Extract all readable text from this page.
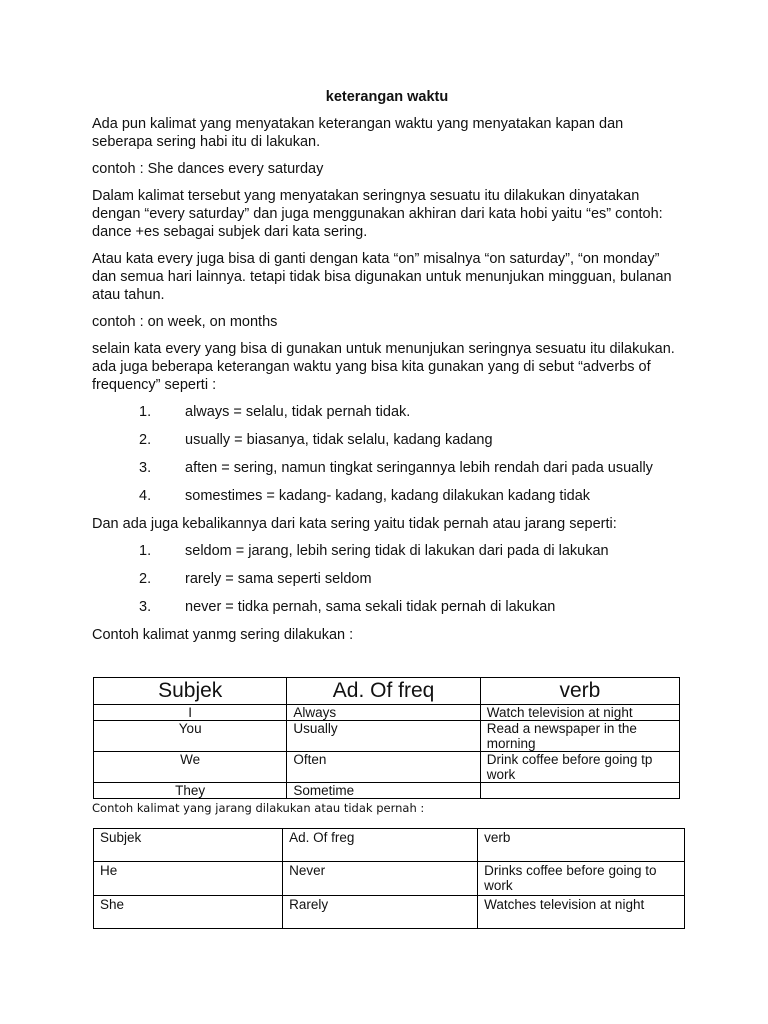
keterangan waktu

Ada pun kalimat yang menyatakan keterangan waktu yang menyatakan kapan dan seberapa sering habi itu di lakukan.

contoh : She dances every saturday

Dalam kalimat tersebut yang menyatakan seringnya sesuatu itu dilakukan dinyatakan dengan “every saturday” dan juga menggunakan akhiran dari kata hobi yaitu “es” contoh: dance +es sebagai subjek dari kata sering.

Atau kata every juga bisa di ganti dengan kata “on” misalnya “on saturday”, “on monday” dan semua hari lainnya. tetapi tidak bisa digunakan untuk menunjukan mingguan, bulanan atau tahun.

contoh : on week, on months

selain kata every yang bisa di gunakan untuk menunjukan seringnya sesuatu itu dilakukan. ada juga beberapa keterangan waktu yang bisa kita gunakan yang di sebut “adverbs of frequency” seperti :

1.	always = selalu, tidak pernah tidak.
2.	usually = biasanya, tidak selalu, kadang kadang
3.	aften = sering, namun tingkat seringannya lebih rendah dari pada usually
4.	somestimes = kadang- kadang, kadang dilakukan kadang tidak

Dan ada juga kebalikannya dari kata sering yaitu tidak pernah atau jarang seperti:

1.	seldom = jarang, lebih sering tidak di lakukan dari pada di lakukan
2.	rarely = sama seperti seldom
3.	never = tidka pernah, sama sekali tidak pernah di lakukan

Contoh kalimat yanmg sering dilakukan :

Subjek	Ad. Of freq	verb
I	Always	Watch television at night
You	Usually	Read a newspaper in the morning
We	Often	Drink coffee before going tp work
They	Sometime	
Contoh kalimat yang jarang dilakukan atau tidak pernah :
Subjek	Ad. Of freg	verb
He	Never	Drinks coffee before going to work
She	Rarely	Watches television at night
